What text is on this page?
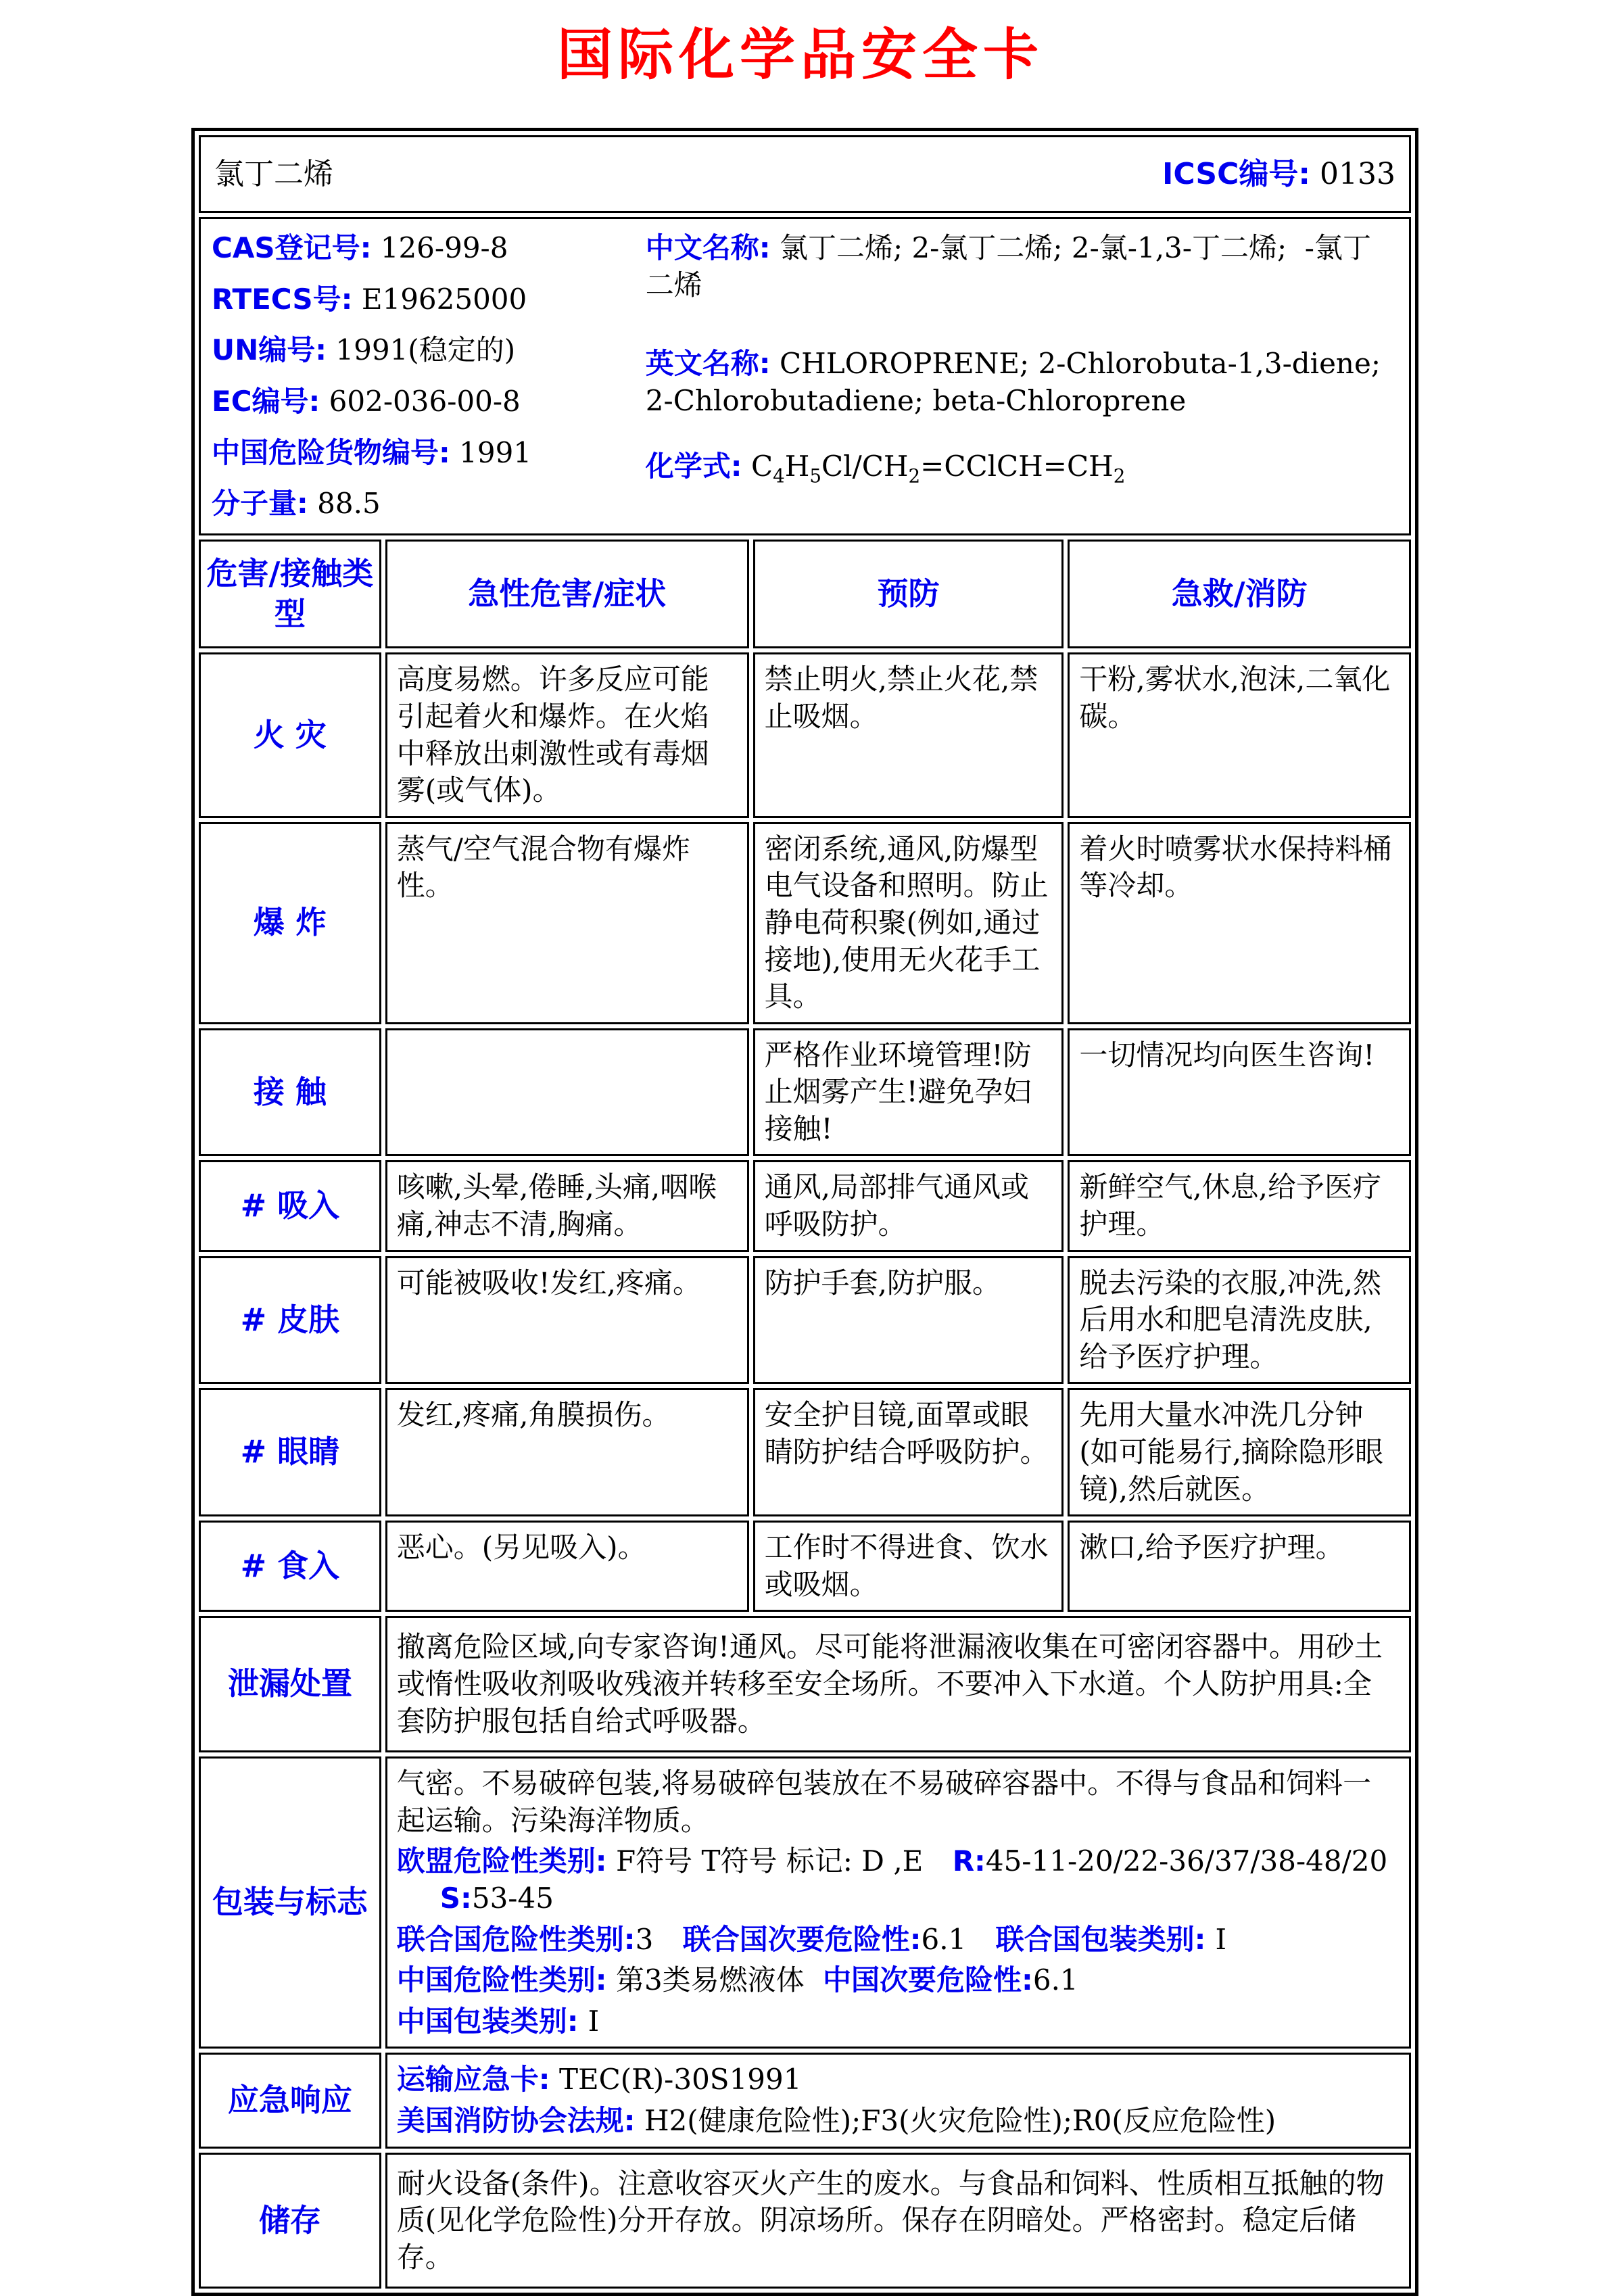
国际化学品安全卡
氯丁二烯 ICSC编号: 0133			

CAS登记号: 126-99-8
RTECS号: E19625000
UN编号: 1991(稳定的)
EC编号: 602-036-00-8
中国危险货物编号: 1991
分子量: 88.5
中文名称: 氯丁二烯; 2-氯丁二烯; 2-氯-1,3-丁二烯;  -氯丁二烯
英文名称: CHLOROPRENE; 2-Chlorobuta-1,3-diene; 2-Chlorobutadiene; beta-Chloroprene
化学式: $C_4H_5Cl/CH_2=CClCH=CH_2$

危害/接触类型	急性危害/症状	预防	急救/消防
火 灾	高度易燃。许多反应可能引起着火和爆炸。在火焰中释放出刺激性或有毒烟雾(或气体)。	禁止明火,禁止火花,禁止吸烟。	干粉,雾状水,泡沫,二氧化碳。
爆 炸	蒸气/空气混合物有爆炸性。	密闭系统,通风,防爆型电气设备和照明。防止静电荷积聚(例如,通过接地),使用无火花手工具。	着火时喷雾状水保持料桶等冷却。
接 触		严格作业环境管理!防止烟雾产生!避免孕妇接触!	一切情况均向医生咨询!
# 吸入	咳嗽,头晕,倦睡,头痛,咽喉痛,神志不清,胸痛。	通风,局部排气通风或呼吸防护。	新鲜空气,休息,给予医疗护理。
# 皮肤	可能被吸收!发红,疼痛。	防护手套,防护服。	脱去污染的衣服,冲洗,然后用水和肥皂清洗皮肤,给予医疗护理。
# 眼睛	发红,疼痛,角膜损伤。	安全护目镜,面罩或眼睛防护结合呼吸防护。	先用大量水冲洗几分钟(如可能易行,摘除隐形眼镜),然后就医。
# 食入	恶心。(另见吸入)。	工作时不得进食、饮水或吸烟。	漱口,给予医疗护理。
泄漏处置	撤离危险区域,向专家咨询!通风。尽可能将泄漏液收集在可密闭容器中。用砂土或惰性吸收剂吸收残液并转移至安全场所。不要冲入下水道。个人防护用具:全套防护服包括自给式呼吸器。		
包装与标志	气密。不易破碎包装,将易破碎包装放在不易破碎容器中。不得与食品和饲料一起运输。污染海洋物质。
欧盟危险性类别: F符号 T符号 标记: D ,E R:45-11-20/22-36/37/38-48/20 S:53-45
联合国危险性类别:3 联合国次要危险性:6.1 联合国包装类别: I
中国危险性类别: 第3类易燃液体 中国次要危险性:6.1
中国包装类别: I		

应急响应	运输应急卡: TEC(R)-30S1991
美国消防协会法规: H2(健康危险性);F3(火灾危险性);R0(反应危险性)		

储存	耐火设备(条件)。注意收容灭火产生的废水。与食品和饲料、性质相互抵触的物质(见化学危险性)分开存放。阴凉场所。保存在阴暗处。严格密封。稳定后储存。		
